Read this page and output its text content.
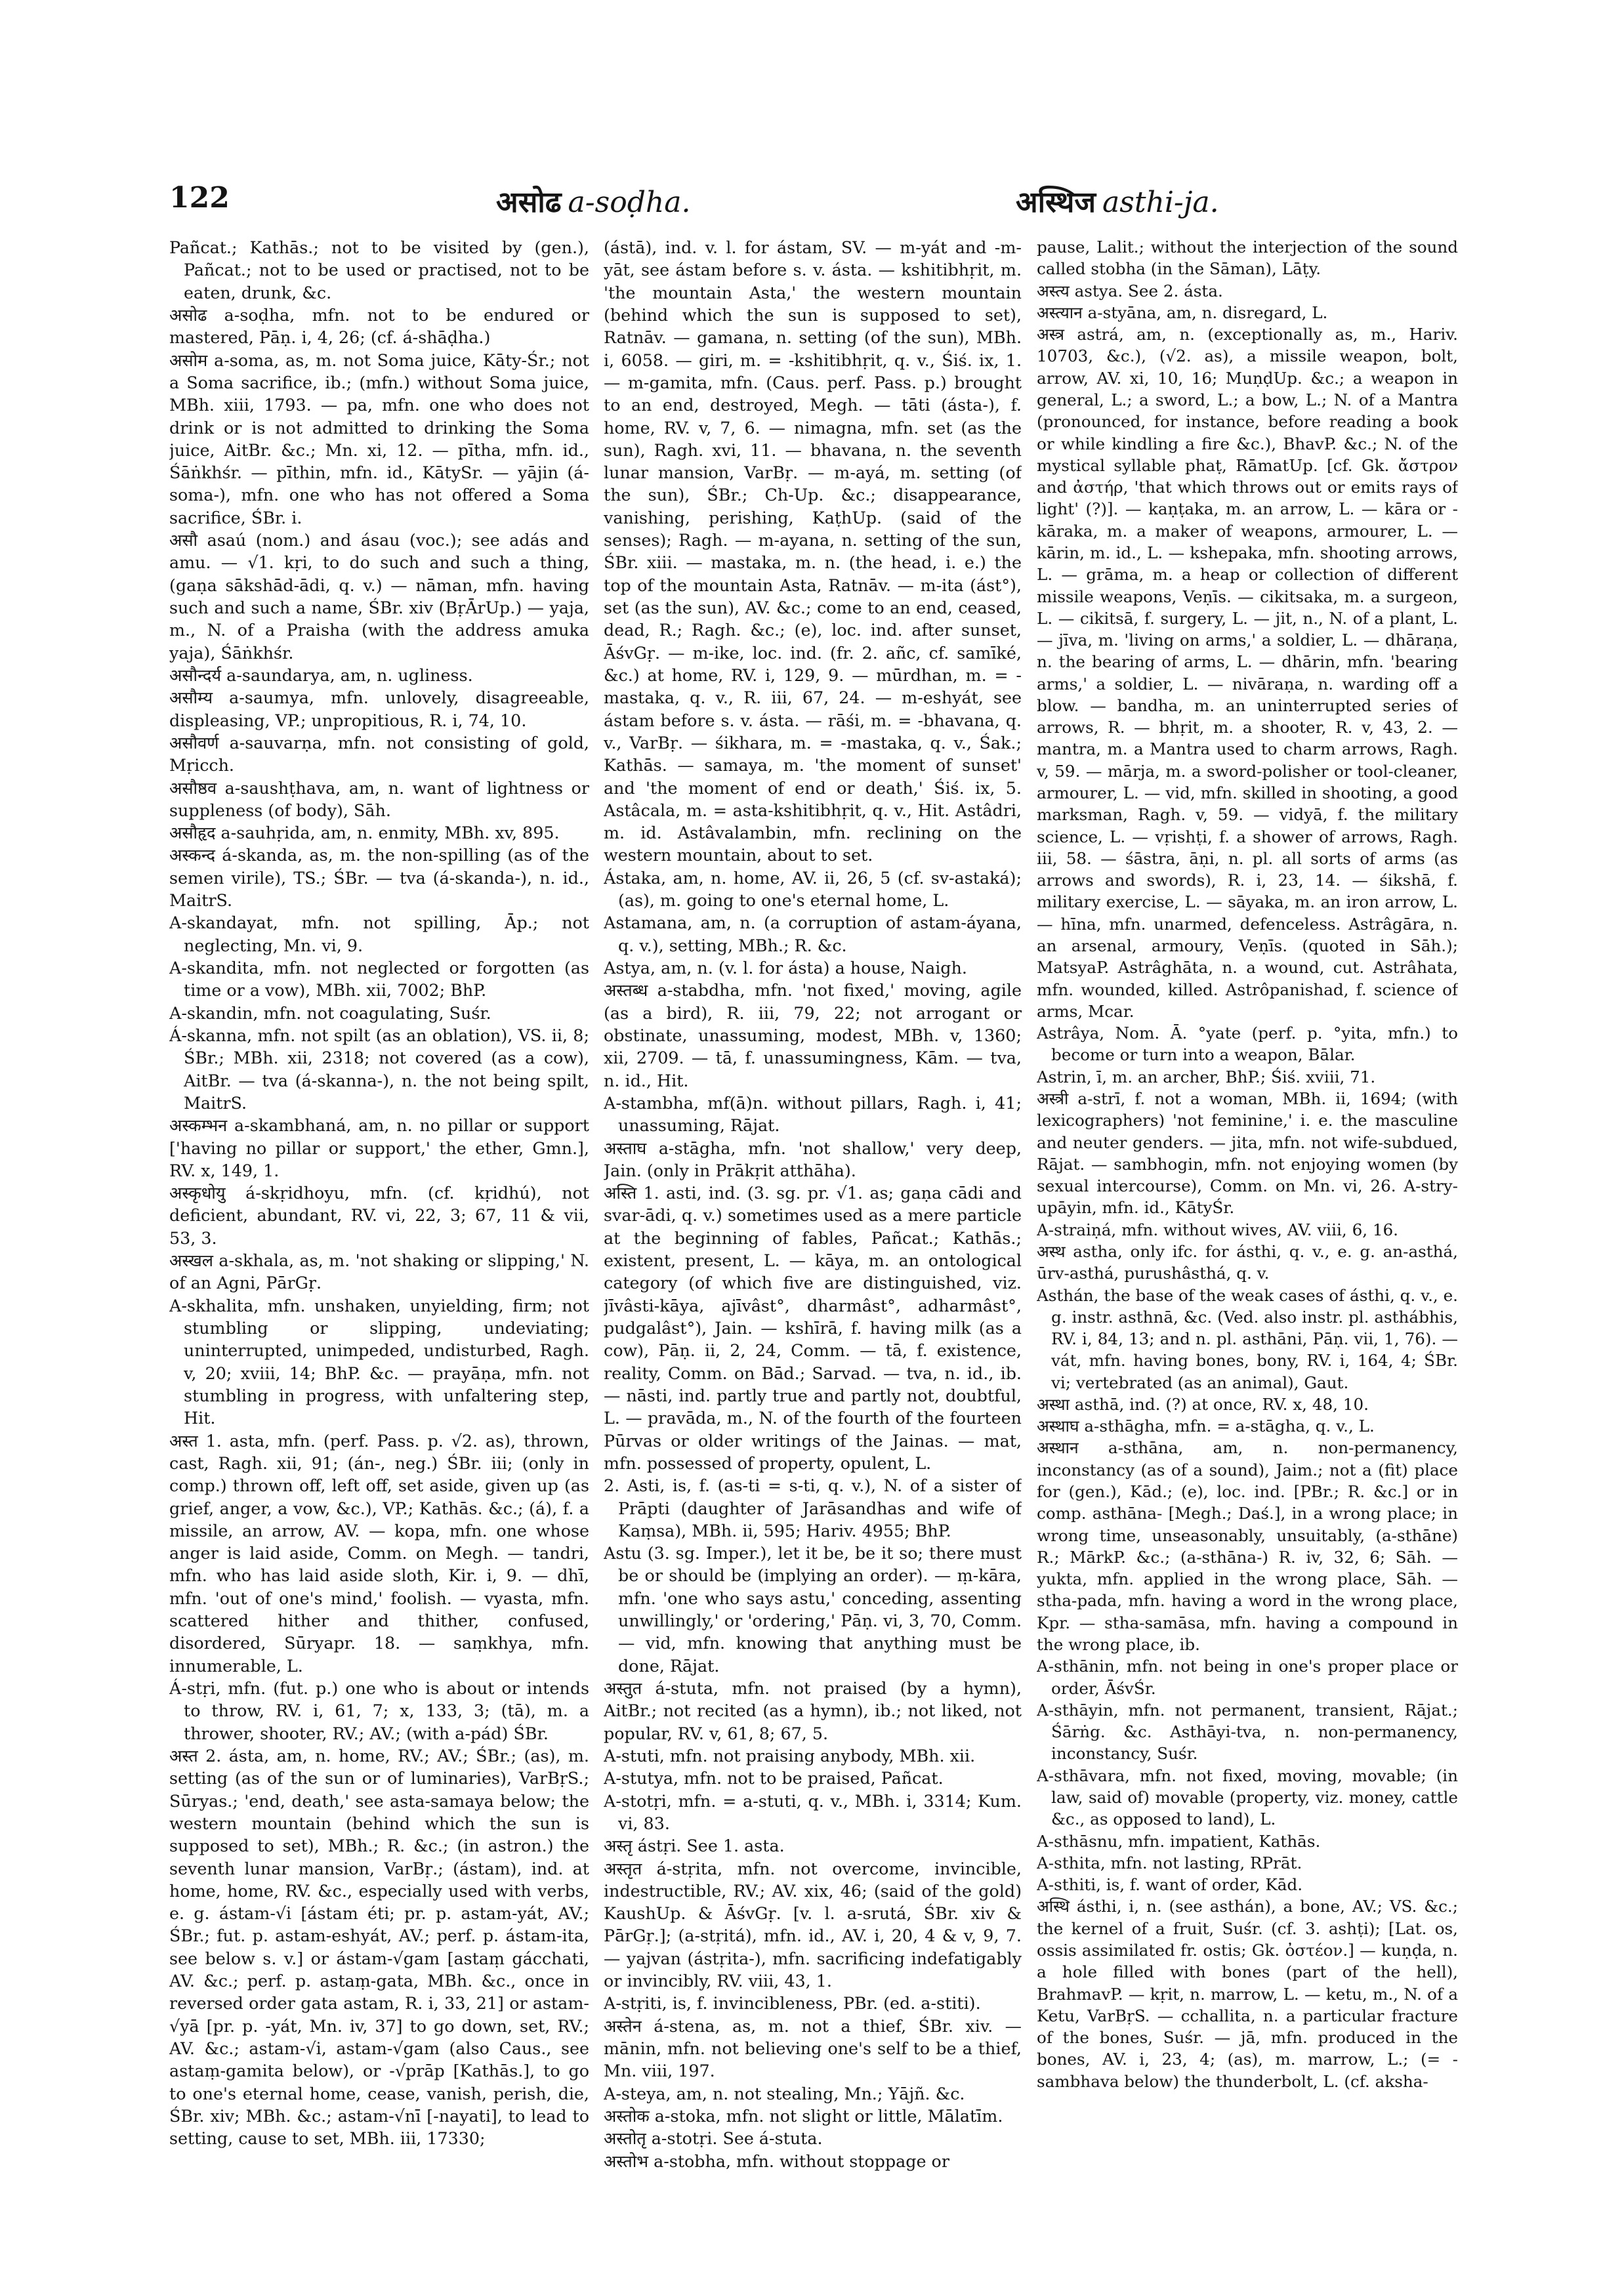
122	असोढ a-soḍha.	अस्थिज asthi-ja.

Pañcat.; Kathās.; not to be visited by (gen.), Pañcat.; not to be used or practised, not to be eaten, drunk, &c.

असोढ a-soḍha, mfn. not to be endured or mastered, Pāṇ. i, 4, 26; (cf. á-shāḍha.)

असोम a-soma, as, m. not Soma juice, Kāty-Śr.; not a Soma sacrifice, ib.; (mfn.) without Soma juice, MBh. xiii, 1793. — pa, mfn. one who does not drink or is not admitted to drinking the Soma juice, AitBr. &c.; Mn. xi, 12. — pītha, mfn. id., Śāṅkhśr. — pīthin, mfn. id., KātySr. — yājin (á-soma-), mfn. one who has not offered a Soma sacrifice, ŚBr. i.

असौ asaú (nom.) and ásau (voc.); see adás and amu. — √1. kṛi, to do such and such a thing, (gaṇa sākshād-ādi, q. v.) — nāman, mfn. having such and such a name, ŚBr. xiv (BṛĀrUp.) — yaja, m., N. of a Praisha (with the address amuka yaja), Śāṅkhśr.

असौन्दर्य a-saundarya, am, n. ugliness.

असौम्य a-saumya, mfn. unlovely, disagreeable, displeasing, VP.; unpropitious, R. i, 74, 10.

असौवर्ण a-sauvarṇa, mfn. not consisting of gold, Mṛicch.

असौष्ठव a-saushṭhava, am, n. want of lightness or suppleness (of body), Sāh.

असौहृद a-sauhṛida, am, n. enmity, MBh. xv, 895.

अस्कन्द á-skanda, as, m. the non-spilling (as of the semen virile), TS.; ŚBr. — tva (á-skanda-), n. id., MaitrS.

A-skandayat, mfn. not spilling, Āp.; not neglecting, Mn. vi, 9.

A-skandita, mfn. not neglected or forgotten (as time or a vow), MBh. xii, 7002; BhP.

A-skandin, mfn. not coagulating, Suśr.

Á-skanna, mfn. not spilt (as an oblation), VS. ii, 8; ŚBr.; MBh. xii, 2318; not covered (as a cow), AitBr. — tva (á-skanna-), n. the not being spilt, MaitrS.

अस्कम्भन a-skambhaná, am, n. no pillar or support ['having no pillar or support,' the ether, Gmn.], RV. x, 149, 1.

अस्कृधोयु á-skṛidhoyu, mfn. (cf. kṛidhú), not deficient, abundant, RV. vi, 22, 3; 67, 11 & vii, 53, 3.

अस्खल a-skhala, as, m. 'not shaking or slipping,' N. of an Agni, PārGṛ.

A-skhalita, mfn. unshaken, unyielding, firm; not stumbling or slipping, undeviating; uninterrupted, unimpeded, undisturbed, Ragh. v, 20; xviii, 14; BhP. &c. — prayāṇa, mfn. not stumbling in progress, with unfaltering step, Hit.

अस्त 1. asta, mfn. (perf. Pass. p. √2. as), thrown, cast, Ragh. xii, 91; (án-, neg.) ŚBr. iii; (only in comp.) thrown off, left off, set aside, given up (as grief, anger, a vow, &c.), VP.; Kathās. &c.; (á), f. a missile, an arrow, AV. — kopa, mfn. one whose anger is laid aside, Comm. on Megh. — tandri, mfn. who has laid aside sloth, Kir. i, 9. — dhī, mfn. 'out of one's mind,' foolish. — vyasta, mfn. scattered hither and thither, confused, disordered, Sūryapr. 18. — saṃkhya, mfn. innumerable, L.

Á-stṛi, mfn. (fut. p.) one who is about or intends to throw, RV. i, 61, 7; x, 133, 3; (tā), m. a thrower, shooter, RV.; AV.; (with a-pád) ŚBr.

अस्त 2. ásta, am, n. home, RV.; AV.; ŚBr.; (as), m. setting (as of the sun or of luminaries), VarBṛS.; Sūryas.; 'end, death,' see asta-samaya below; the western mountain (behind which the sun is supposed to set), MBh.; R. &c.; (in astron.) the seventh lunar mansion, VarBṛ.; (ástam), ind. at home, home, RV. &c., especially used with verbs, e. g. ástam-√i [ástam éti; pr. p. astam-yát, AV.; ŚBr.; fut. p. astam-eshyát, AV.; perf. p. ástam-ita, see below s. v.] or ástam-√gam [astaṃ gácchati, AV. &c.; perf. p. astaṃ-gata, MBh. &c., once in reversed order gata astam, R. i, 33, 21] or astam-√yā [pr. p. -yát, Mn. iv, 37] to go down, set, RV.; AV. &c.; astam-√i, astam-√gam (also Caus., see astaṃ-gamita below), or -√prāp [Kathās.], to go to one's eternal home, cease, vanish, perish, die, ŚBr. xiv; MBh. &c.; astam-√nī [-nayati], to lead to setting, cause to set, MBh. iii, 17330;

(ástā), ind. v. l. for ástam, SV. — m-yát and -m-yāt, see ástam before s. v. ásta. — kshitibhṛit, m. 'the mountain Asta,' the western mountain (behind which the sun is supposed to set), Ratnāv. — gamana, n. setting (of the sun), MBh. i, 6058. — giri, m. = -kshitibhṛit, q. v., Śiś. ix, 1. — m-gamita, mfn. (Caus. perf. Pass. p.) brought to an end, destroyed, Megh. — tāti (ásta-), f. home, RV. v, 7, 6. — nimagna, mfn. set (as the sun), Ragh. xvi, 11. — bhavana, n. the seventh lunar mansion, VarBṛ. — m-ayá, m. setting (of the sun), ŚBr.; Ch-Up. &c.; disappearance, vanishing, perishing, KaṭhUp. (said of the senses); Ragh. — m-ayana, n. setting of the sun, ŚBr. xiii. — mastaka, m. n. (the head, i. e.) the top of the mountain Asta, Ratnāv. — m-ita (ást°), set (as the sun), AV. &c.; come to an end, ceased, dead, R.; Ragh. &c.; (e), loc. ind. after sunset, ĀśvGṛ. — m-ike, loc. ind. (fr. 2. añc, cf. samīké, &c.) at home, RV. i, 129, 9. — mūrdhan, m. = -mastaka, q. v., R. iii, 67, 24. — m-eshyát, see ástam before s. v. ásta. — rāśi, m. = -bhavana, q. v., VarBṛ. — śikhara, m. = -mastaka, q. v., Śak.; Kathās. — samaya, m. 'the moment of sunset' and 'the moment of end or death,' Śiś. ix, 5. Astâcala, m. = asta-kshitibhṛit, q. v., Hit. Astâdri, m. id. Astâvalambin, mfn. reclining on the western mountain, about to set.

Ástaka, am, n. home, AV. ii, 26, 5 (cf. sv-astaká); (as), m. going to one's eternal home, L.

Astamana, am, n. (a corruption of astam-áyana, q. v.), setting, MBh.; R. &c.

Astya, am, n. (v. l. for ásta) a house, Naigh.

अस्तब्ध a-stabdha, mfn. 'not fixed,' moving, agile (as a bird), R. iii, 79, 22; not arrogant or obstinate, unassuming, modest, MBh. v, 1360; xii, 2709. — tā, f. unassumingness, Kām. — tva, n. id., Hit.

A-stambha, mf(ā)n. without pillars, Ragh. i, 41; unassuming, Rājat.

अस्ताघ a-stāgha, mfn. 'not shallow,' very deep, Jain. (only in Prākṛit atthāha).

अस्ति 1. asti, ind. (3. sg. pr. √1. as; gaṇa cādi and svar-ādi, q. v.) sometimes used as a mere particle at the beginning of fables, Pañcat.; Kathās.; existent, present, L. — kāya, m. an ontological category (of which five are distinguished, viz. jīvâsti-kāya, ajīvâst°, dharmâst°, adharmâst°, pudgalâst°), Jain. — kshīrā, f. having milk (as a cow), Pāṇ. ii, 2, 24, Comm. — tā, f. existence, reality, Comm. on Bād.; Sarvad. — tva, n. id., ib. — nāsti, ind. partly true and partly not, doubtful, L. — pravāda, m., N. of the fourth of the fourteen Pūrvas or older writings of the Jainas. — mat, mfn. possessed of property, opulent, L.

2. Asti, is, f. (as-ti = s-ti, q. v.), N. of a sister of Prāpti (daughter of Jarāsandhas and wife of Kaṃsa), MBh. ii, 595; Hariv. 4955; BhP.

Astu (3. sg. Imper.), let it be, be it so; there must be or should be (implying an order). — ṃ-kāra, mfn. 'one who says astu,' conceding, assenting unwillingly,' or 'ordering,' Pāṇ. vi, 3, 70, Comm. — vid, mfn. knowing that anything must be done, Rājat.

अस्तुत á-stuta, mfn. not praised (by a hymn), AitBr.; not recited (as a hymn), ib.; not liked, not popular, RV. v, 61, 8; 67, 5.

A-stuti, mfn. not praising anybody, MBh. xii.

A-stutya, mfn. not to be praised, Pañcat.

A-stotṛi, mfn. = a-stuti, q. v., MBh. i, 3314; Kum. vi, 83.

अस्तृ ástṛi. See 1. asta.

अस्तृत á-stṛita, mfn. not overcome, invincible, indestructible, RV.; AV. xix, 46; (said of the gold) KaushUp. & ĀśvGṛ. [v. l. a-srutá, ŚBr. xiv & PārGṛ.]; (a-stṛitá), mfn. id., AV. i, 20, 4 & v, 9, 7. — yajvan (ástṛita-), mfn. sacrificing indefatigably or invincibly, RV. viii, 43, 1.

A-stṛiti, is, f. invincibleness, PBr. (ed. a-stiti).

अस्तेन á-stena, as, m. not a thief, ŚBr. xiv. — mānin, mfn. not believing one's self to be a thief, Mn. viii, 197.

A-steya, am, n. not stealing, Mn.; Yājñ. &c.

अस्तोक a-stoka, mfn. not slight or little, Mālatīm.

अस्तोतृ a-stotṛi. See á-stuta.

अस्तोभ a-stobha, mfn. without stoppage or

pause, Lalit.; without the interjection of the sound called stobha (in the Sāman), Lāṭy.

अस्त्य astya. See 2. ásta.

अस्त्यान a-styāna, am, n. disregard, L.

अस्त्र astrá, am, n. (exceptionally as, m., Hariv. 10703, &c.), (√2. as), a missile weapon, bolt, arrow, AV. xi, 10, 16; MuṇḍUp. &c.; a weapon in general, L.; a sword, L.; a bow, L.; N. of a Mantra (pronounced, for instance, before reading a book or while kindling a fire &c.), BhavP. &c.; N. of the mystical syllable phaṭ, RāmatUp. [cf. Gk. ἄστρον and ἀστήρ, 'that which throws out or emits rays of light' (?)]. — kaṇṭaka, m. an arrow, L. — kāra or -kāraka, m. a maker of weapons, armourer, L. — kārin, m. id., L. — kshepaka, mfn. shooting arrows, L. — grāma, m. a heap or collection of different missile weapons, Veṇīs. — cikitsaka, m. a surgeon, L. — cikitsā, f. surgery, L. — jit, n., N. of a plant, L. — jīva, m. 'living on arms,' a soldier, L. — dhāraṇa, n. the bearing of arms, L. — dhārin, mfn. 'bearing arms,' a soldier, L. — nivāraṇa, n. warding off a blow. — bandha, m. an uninterrupted series of arrows, R. — bhṛit, m. a shooter, R. v, 43, 2. — mantra, m. a Mantra used to charm arrows, Ragh. v, 59. — mārja, m. a sword-polisher or tool-cleaner, armourer, L. — vid, mfn. skilled in shooting, a good marksman, Ragh. v, 59. — vidyā, f. the military science, L. — vṛishṭi, f. a shower of arrows, Ragh. iii, 58. — śāstra, āṇi, n. pl. all sorts of arms (as arrows and swords), R. i, 23, 14. — śikshā, f. military exercise, L. — sāyaka, m. an iron arrow, L. — hīna, mfn. unarmed, defenceless. Astrâgāra, n. an arsenal, armoury, Veṇīs. (quoted in Sāh.); MatsyaP. Astrâghāta, n. a wound, cut. Astrâhata, mfn. wounded, killed. Astrôpanishad, f. science of arms, Mcar.

Astrâya, Nom. Ā. °yate (perf. p. °yita, mfn.) to become or turn into a weapon, Bālar.

Astrin, ī, m. an archer, BhP.; Śiś. xviii, 71.

अस्त्री a-strī, f. not a woman, MBh. ii, 1694; (with lexicographers) 'not feminine,' i. e. the masculine and neuter genders. — jita, mfn. not wife-subdued, Rājat. — sambhogin, mfn. not enjoying women (by sexual intercourse), Comm. on Mn. vi, 26. A-stry-upāyin, mfn. id., KātyŚr.

A-straiṇá, mfn. without wives, AV. viii, 6, 16.

अस्थ astha, only ifc. for ásthi, q. v., e. g. an-asthá, ūrv-asthá, purushâsthá, q. v.

Asthán, the base of the weak cases of ásthi, q. v., e. g. instr. asthnā, &c. (Ved. also instr. pl. asthábhis, RV. i, 84, 13; and n. pl. asthāni, Pāṇ. vii, 1, 76). — vát, mfn. having bones, bony, RV. i, 164, 4; ŚBr. vi; vertebrated (as an animal), Gaut.

अस्था asthā, ind. (?) at once, RV. x, 48, 10.

अस्थाघ a-sthāgha, mfn. = a-stāgha, q. v., L.

अस्थान a-sthāna, am, n. non-permanency, inconstancy (as of a sound), Jaim.; not a (fit) place for (gen.), Kād.; (e), loc. ind. [PBr.; R. &c.] or in comp. asthāna- [Megh.; Daś.], in a wrong place; in wrong time, unseasonably, unsuitably, (a-sthāne) R.; MārkP. &c.; (a-sthāna-) R. iv, 32, 6; Sāh. — yukta, mfn. applied in the wrong place, Sāh. — stha-pada, mfn. having a word in the wrong place, Kpr. — stha-samāsa, mfn. having a compound in the wrong place, ib.

A-sthānin, mfn. not being in one's proper place or order, ĀśvŚr.

A-sthāyin, mfn. not permanent, transient, Rājat.; Śārṅg. &c. Asthāyi-tva, n. non-permanency, inconstancy, Suśr.

A-sthāvara, mfn. not fixed, moving, movable; (in law, said of) movable (property, viz. money, cattle &c., as opposed to land), L.

A-sthāsnu, mfn. impatient, Kathās.

A-sthita, mfn. not lasting, RPrāt.

A-sthiti, is, f. want of order, Kād.

अस्थि ásthi, i, n. (see asthán), a bone, AV.; VS. &c.; the kernel of a fruit, Suśr. (cf. 3. ashṭi); [Lat. os, ossis assimilated fr. ostis; Gk. ὀστέον.] — kuṇḍa, n. a hole filled with bones (part of the hell), BrahmavP. — kṛit, n. marrow, L. — ketu, m., N. of a Ketu, VarBṛS. — cchallita, n. a particular fracture of the bones, Suśr. — jā, mfn. produced in the bones, AV. i, 23, 4; (as), m. marrow, L.; (= -sambhava below) the thunderbolt, L. (cf. aksha-
